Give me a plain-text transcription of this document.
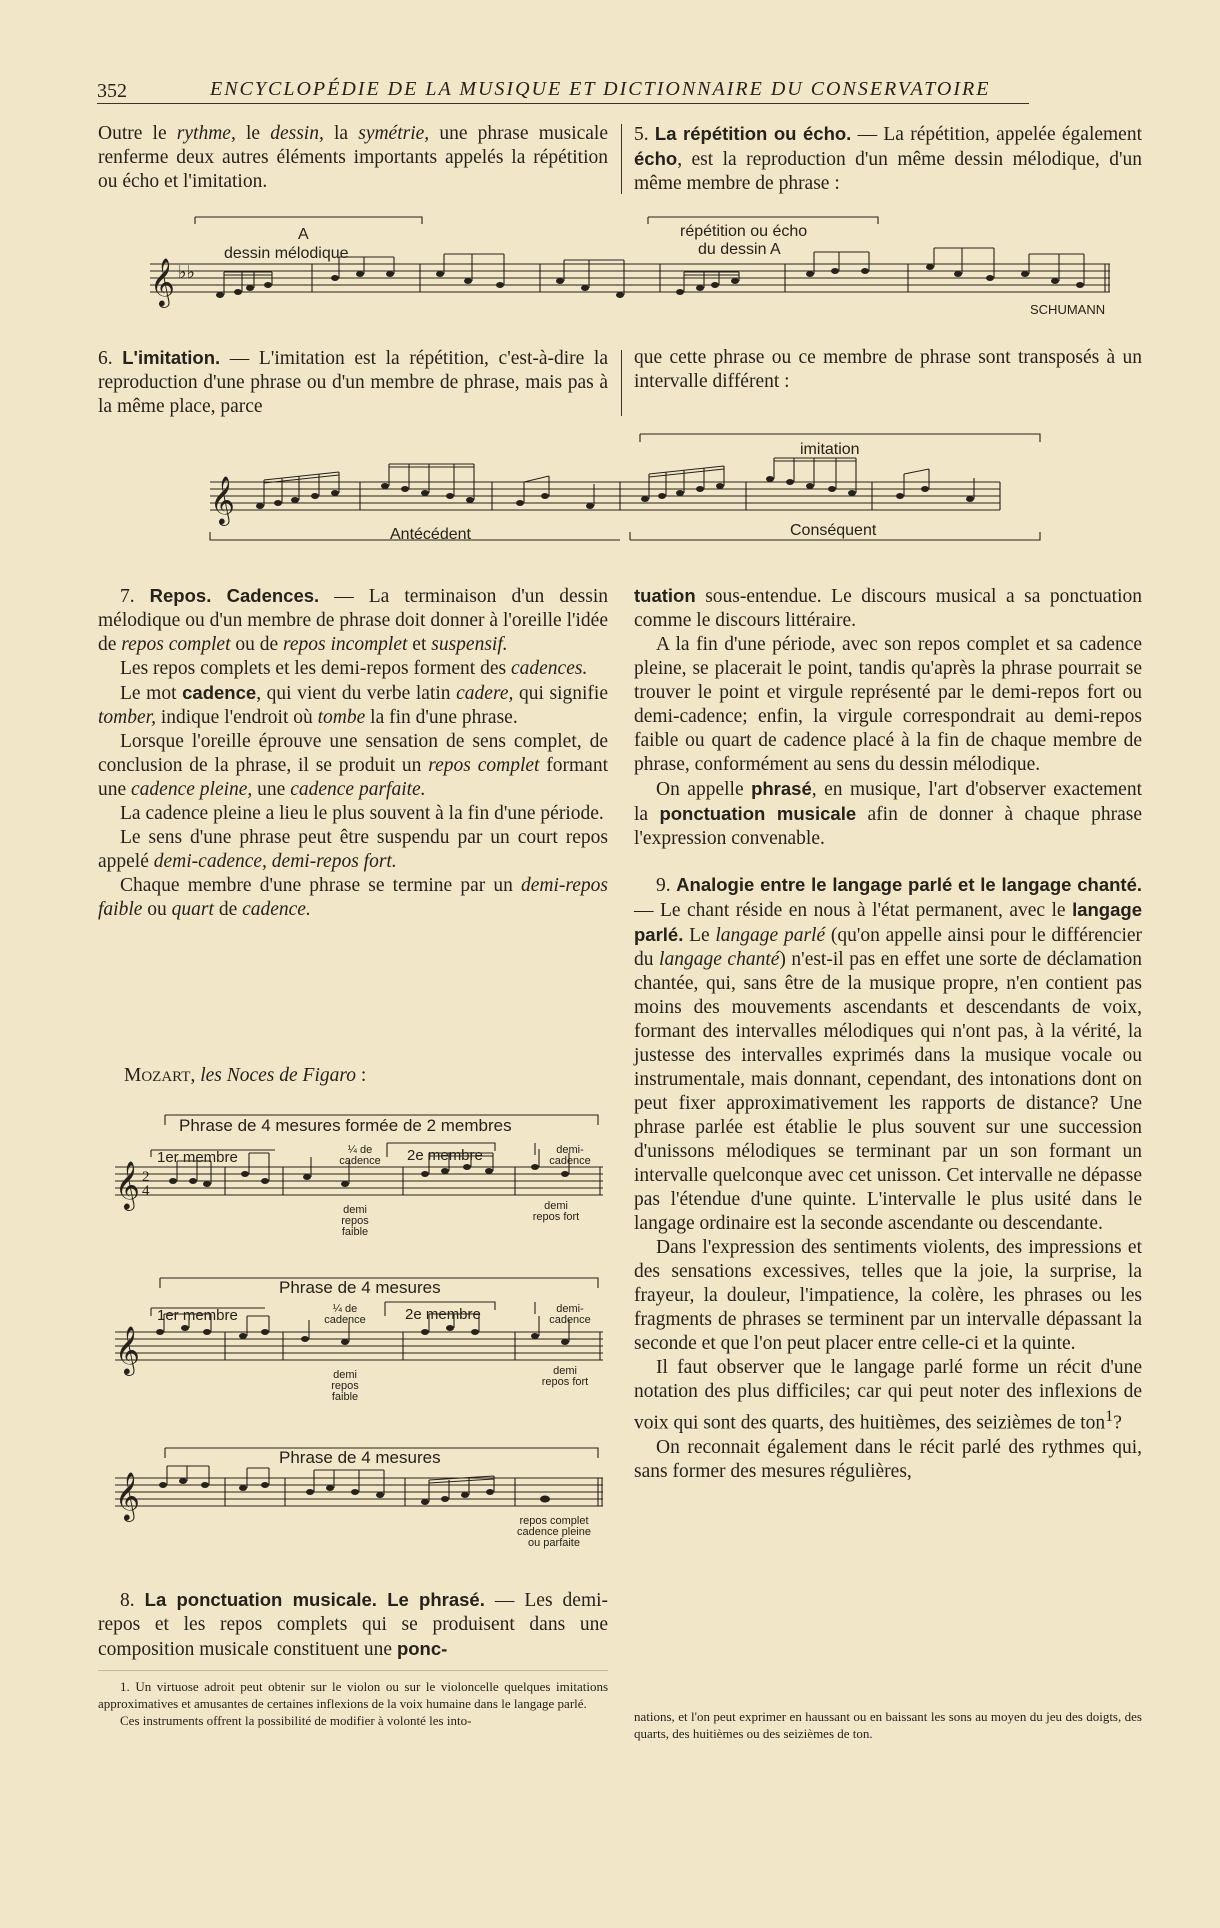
352	ENCYCLOPÉDIE DE LA MUSIQUE ET DICTIONNAIRE DU CONSERVATOIRE

Outre le rythme, le dessin, la symétrie, une phrase musicale renferme deux autres éléments importants appelés la répétition ou écho et l'imitation.

5. La répétition ou écho. — La répétition, appelée également écho, est la reproduction d'un même dessin mélodique, d'un même membre de phrase :

𝄞 ♭♭
A
dessin mélodique
répétition ou écho
du dessin A
SCHUMANN

6. L'imitation. — L'imitation est la répétition, c'est-à-dire la reproduction d'une phrase ou d'un membre de phrase, mais pas à la même place, parce

que cette phrase ou ce membre de phrase sont transposés à un intervalle différent :

𝄞
imitation
Antécédent	Conséquent

7. Repos. Cadences. — La terminaison d'un dessin mélodique ou d'un membre de phrase doit donner à l'oreille l'idée de repos complet ou de repos incomplet et suspensif.

Les repos complets et les demi-repos forment des cadences.

Le mot cadence, qui vient du verbe latin cadere, qui signifie tomber, indique l'endroit où tombe la fin d'une phrase.

Lorsque l'oreille éprouve une sensation de sens complet, de conclusion de la phrase, il se produit un repos complet formant une cadence pleine, une cadence parfaite.

La cadence pleine a lieu le plus souvent à la fin d'une période.

Le sens d'une phrase peut être suspendu par un court repos appelé demi-cadence, demi-repos fort.

Chaque membre d'une phrase se termine par un demi-repos faible ou quart de cadence.

MOZART, les Noces de Figaro :
𝄞 2
4
Phrase de 4 mesures formée de 2 membres
1er membre	¼ de cadence	2e membre	demi-cadence
demi repos faible
demi repos fort
𝄞
Phrase de 4 mesures
1er membre	¼ de cadence	2e membre	demi-cadence
demi repos faible
demi repos fort
𝄞
Phrase de 4 mesures
repos complet cadence pleine ou parfaite

8. La ponctuation musicale. Le phrasé. — Les demi-repos et les repos complets qui se produisent dans une composition musicale constituent une ponc-

1. Un virtuose adroit peut obtenir sur le violon ou sur le violoncelle quelques imitations approximatives et amusantes de certaines inflexions de la voix humaine dans le langage parlé.

Ces instruments offrent la possibilité de modifier à volonté les into-

tuation sous-entendue. Le discours musical a sa ponctuation comme le discours littéraire.

A la fin d'une période, avec son repos complet et sa cadence pleine, se placerait le point, tandis qu'après la phrase pourrait se trouver le point et virgule représenté par le demi-repos fort ou demi-cadence; enfin, la virgule correspondrait au demi-repos faible ou quart de cadence placé à la fin de chaque membre de phrase, conformément au sens du dessin mélodique.

On appelle phrasé, en musique, l'art d'observer exactement la ponctuation musicale afin de donner à chaque phrase l'expression convenable.

9. Analogie entre le langage parlé et le langage chanté. — Le chant réside en nous à l'état permanent, avec le langage parlé. Le langage parlé (qu'on appelle ainsi pour le différencier du langage chanté) n'est-il pas en effet une sorte de déclamation chantée, qui, sans être de la musique propre, n'en contient pas moins des mouvements ascendants et descendants de voix, formant des intervalles mélodiques qui n'ont pas, à la vérité, la justesse des intervalles exprimés dans la musique vocale ou instrumentale, mais donnant, cependant, des intonations dont on peut fixer approximativement les rapports de distance? Une phrase parlée est établie le plus souvent sur une succession d'unissons mélodiques se terminant par un son formant un intervalle quelconque avec cet unisson. Cet intervalle ne dépasse pas l'étendue d'une quinte. L'intervalle le plus usité dans le langage ordinaire est la seconde ascendante ou descendante.

Dans l'expression des sentiments violents, des impressions et des sensations excessives, telles que la joie, la surprise, la frayeur, la douleur, l'impatience, la colère, les phrases ou les fragments de phrases se terminent par un intervalle dépassant la seconde et que l'on peut placer entre celle-ci et la quinte.

Il faut observer que le langage parlé forme un récit d'une notation des plus difficiles; car qui peut noter des inflexions de voix qui sont des quarts, des huitièmes, des seizièmes de ton$^1$?

On reconnait également dans le récit parlé des rythmes qui, sans former des mesures régulières,

nations, et l'on peut exprimer en haussant ou en baissant les sons au moyen du jeu des doigts, des quarts, des huitièmes ou des seizièmes de ton.
